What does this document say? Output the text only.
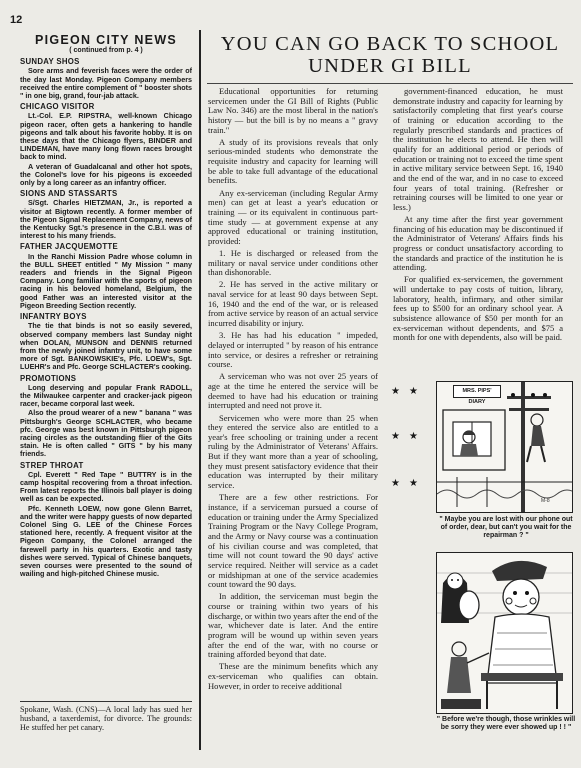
12
PIGEON CITY NEWS
( continued from p. 4 )
SUNDAY SHOS

Sore arms and feverish faces were the order of the day last Monday. Pigeon Company members received the entire complement of " booster shots " in one big, grand, four-jab attack.

CHICAGO VISITOR

Lt.-Col. E.P. RIPSTRA, well-known Chicago pigeon racer, often gets a hankering to handle pigeons and talk about his favorite hobby. It is on these days that the Chicago flyers, BINDER and LINDEMAN, have many long flown races brought back to mind.

A veteran of Guadalcanal and other hot spots, the Colonel's love for his pigeons is exceeded only by a long career as an infantry officer.

SIONS AND STASSARTS

S/Sgt. Charles HIETZMAN, Jr., is reported a visitor at Bigtown recently. A former member of the Pigeon Signal Replacement Company, news of the Kentucky Sgt.'s presence in the C.B.I. was of interest to his many friends.

FATHER JACQUEMOTTE

In the Ranchi Mission Padre whose column in the BULL SHEET entitled " My Mission " many readers and friends in the Signal Pigeon Company. Long familiar with the sports of pigeon racing in his beloved homeland, Belgium, the good Father was an interested visitor at the Pigeon Breeding Section recently.

INFANTRY BOYS

The tie that binds is not so easily severed, observed company members last Sunday night when DOLAN, MUNSON and DENNIS returned from the newly joined infantry unit, to have some more of Sgt. BANKOWSKIE's, Pfc. LOEW's, Sgt. LUEHR's and Pfc. George SCHLACTER's cooking.

PROMOTIONS

Long deserving and popular Frank RADOLL, the Milwaukee carpenter and cracker-jack pigeon racer, became corporal last week.

Also the proud wearer of a new " banana " was Pittsburgh's George SCHLACTER, who became pfc. George was best known in Pittsburgh pigeon racing circles as the outstanding flier of the Gits stain. He is often called " GITS " by his many friends.

STREP THROAT

Cpl. Everett " Red Tape " BUTTRY is in the camp hospital recovering from a throat infection. From latest reports the Illinois ball player is doing well as can be expected.

Pfc. Kenneth LOEW, now gone Glenn Barret, and the writer were happy guests of now departed Colonel Sing G. LEE of the Chinese Forces stationed here, recently. A frequent visitor at the Pigeon Company, the Colonel arranged the farewell party in his quarters. Exotic and tasty dishes were served. Typical of Chinese banquets, seven courses were presented to the sound of wailing and high-pitched Chinese music.

Spokane, Wash. (CNS)—A local lady has sued her husband, a taxerdemist, for divorce. The grounds: He stuffed her pet canary.
YOU CAN GO BACK TO SCHOOL
UNDER GI BILL

Educational opportunities for returning servicemen under the GI Bill of Rights (Public Law No. 346) are the most liberal in the nation's history — but the bill is by no means a " gravy train."

A study of its provisions reveals that only serious-minded students who demonstrate the requisite industry and capacity for learning will be able to take full advantage of the educational benefits.

Any ex-serviceman (including Regular Army men) can get at least a year's education or training — or its equivalent in continuous part-time study — at government expense at any approved educational or training institution, provided:

1. He is discharged or released from the military or naval service under conditions other than dishonorable.

2. He has served in the active military or naval service for at least 90 days between Sept. 16, 1940 and the end of the war, or is released from active service by reason of an actual service incurred disability or injury.

3. He has had his education " impeded, delayed or interrupted " by reason of his entrance into service, or desires a refresher or retraining course.

A serviceman who was not over 25 years of age at the time he entered the service will be deemed to have had his education or training interrupted and need not prove it.

Servicemen who were more than 25 when they entered the service also are entitled to a year's free schooling or training under a recent ruling by the Administrator of Veterans' Affairs. But if they want more than a year of schooling, they must present satisfactory evidence that their education was interrupted by their military service.

There are a few other restrictions. For instance, if a serviceman pursued a course of education or training under the Army Specialized Training Program or the Navy College Program, and the Army or Navy course was a continuation of his civilian course and was completed, that time will not count toward the 90 days' active service required. Neither will service as a cadet or midshipman at one of the service academies count toward the 90 days.

In addition, the serviceman must begin the course or training within two years of his discharge, or within two years after the end of the war, whichever date is later. And the entire program will be wound up within seven years after the end of the war, with no course or training afforded beyond that date.

These are the minimum benefits which any ex-serviceman who qualifies can obtain. However, in order to receive additional

government-financed education, he must demonstrate industry and capacity for learning by satisfactorily completing that first year's course of training or education according to the regularly prescribed standards and practices of the institution he elects to attend. He then will qualify for an additional period or periods of education or training not to exceed the time spent in active military service between Sept. 16, 1940 and the end of the war, and in no case to exceed four years of total training. (Refresher or retraining courses will be limited to one year or less.)

At any time after the first year government financing of his education may be discontinued if the Administrator of Veterans' Affairs finds his progress or conduct unsatisfactory according to the standards and practice of the institution he is attending.

For qualified ex-servicemen, the government will undertake to pay costs of tuition, library, laboratory, health, infirmary, and other similar fees up to $500 for an ordinary school year. A subsistence allowance of $50 per month for an ex-serviceman without dependents, and $75 a month for one with dependents, also will be paid.

★ ★
★ ★
★ ★
M-8
MRS. PIPS' DIARY
" Maybe you are lost with our phone out of order, dear, but can't you wait for the repairman ? "
" Before we're though, those wrinkles will be sorry they were ever showed up ! ! "
